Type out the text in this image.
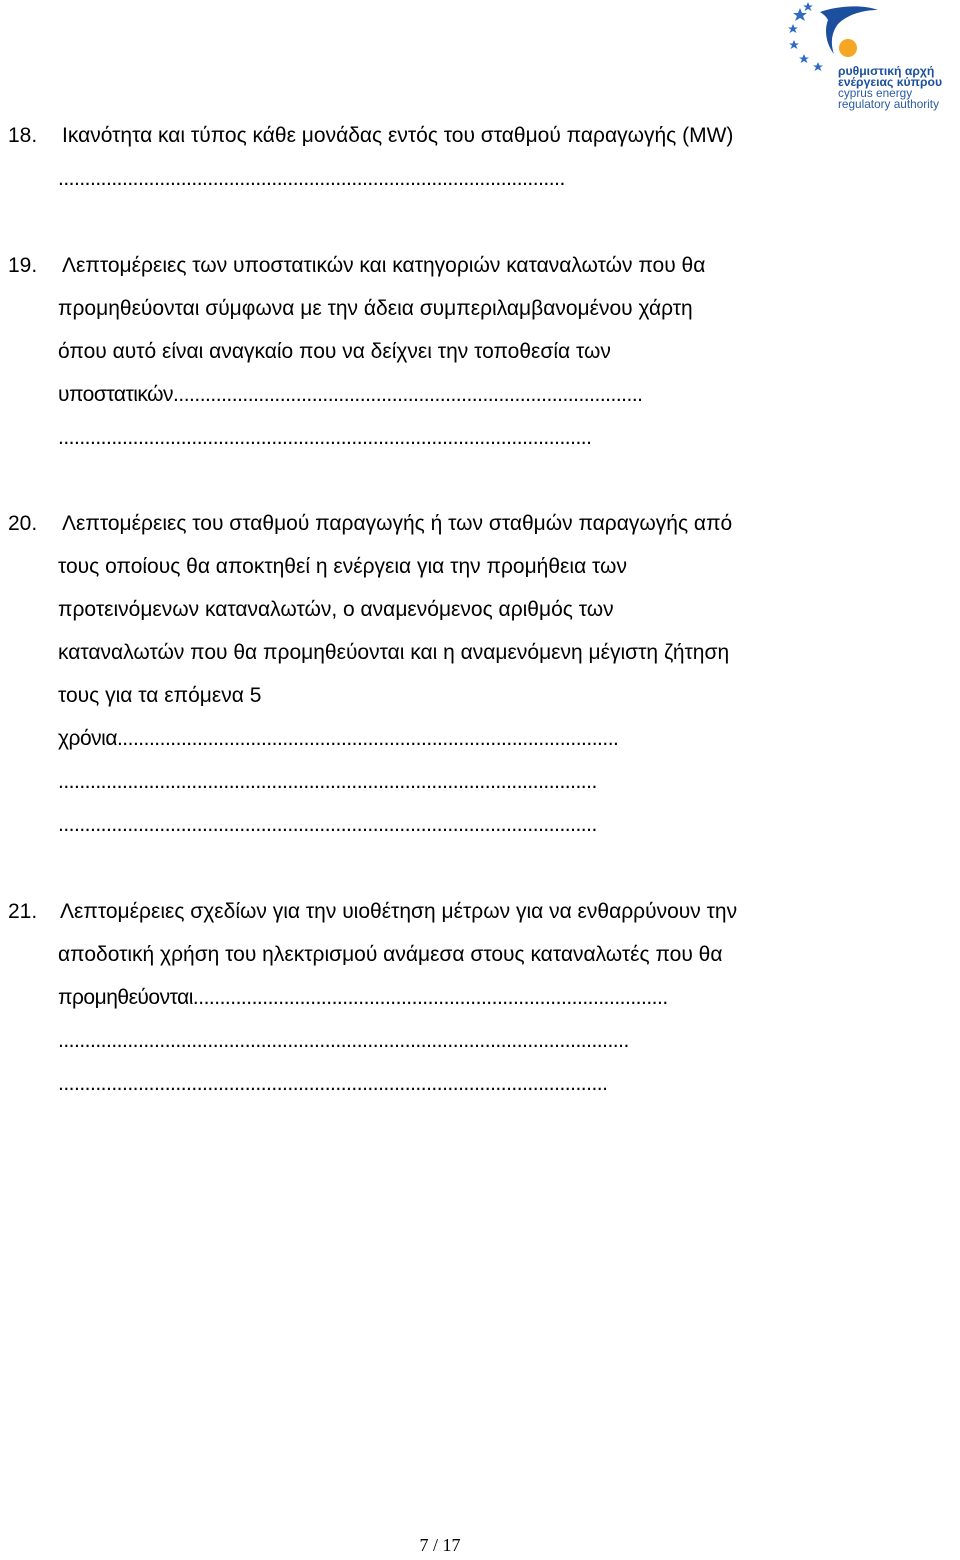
ρυθμιστική αρχή
ενέργειας κύπρου
cyprus energy
regulatory authority
18. Ικανότητα και τύπος κάθε μονάδας εντός του σταθμού παραγωγής (MW)
...............................................................................................
19. Λεπτομέρειες των υποστατικών και κατηγοριών καταναλωτών που θα
προμηθεύονται σύμφωνα με την άδεια συμπεριλαμβανομένου χάρτη
όπου αυτό είναι αναγκαίο που να δείχνει την τοποθεσία των
υποστατικών........................................................................................
....................................................................................................
20. Λεπτομέρειες του σταθμού παραγωγής ή των σταθμών παραγωγής από
τους οποίους θα αποκτηθεί η ενέργεια για την προμήθεια των
προτεινόμενων καταναλωτών, ο αναμενόμενος αριθμός των
καταναλωτών που θα προμηθεύονται και η αναμενόμενη μέγιστη ζήτηση
τους για τα επόμενα 5
χρόνια..............................................................................................
.....................................................................................................
.....................................................................................................
21. Λεπτομέρειες σχεδίων για την υιοθέτηση μέτρων για να ενθαρρύνουν την
αποδοτική χρήση του ηλεκτρισμού ανάμεσα στους καταναλωτές που θα
προμηθεύονται.........................................................................................
...........................................................................................................
.......................................................................................................
7 / 17
